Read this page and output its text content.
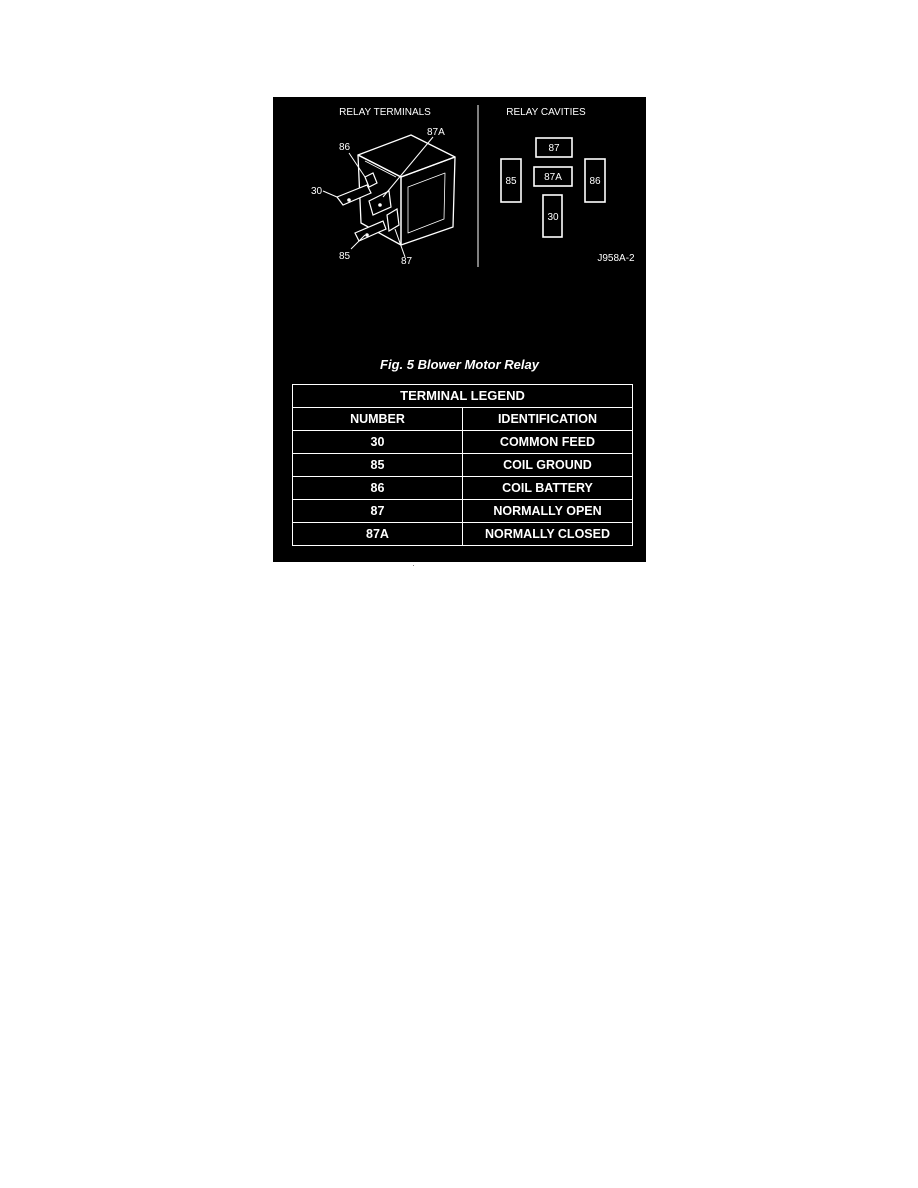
RELAY TERMINALS	RELAY CAVITIES
86
87A
30
85	87
87
85	87A	86
30
J958A-2
Fig. 5 Blower Motor Relay
TERMINAL LEGEND	
NUMBER	IDENTIFICATION
30	COMMON FEED
85	COIL GROUND
86	COIL BATTERY
87	NORMALLY OPEN
87A	NORMALLY CLOSED
